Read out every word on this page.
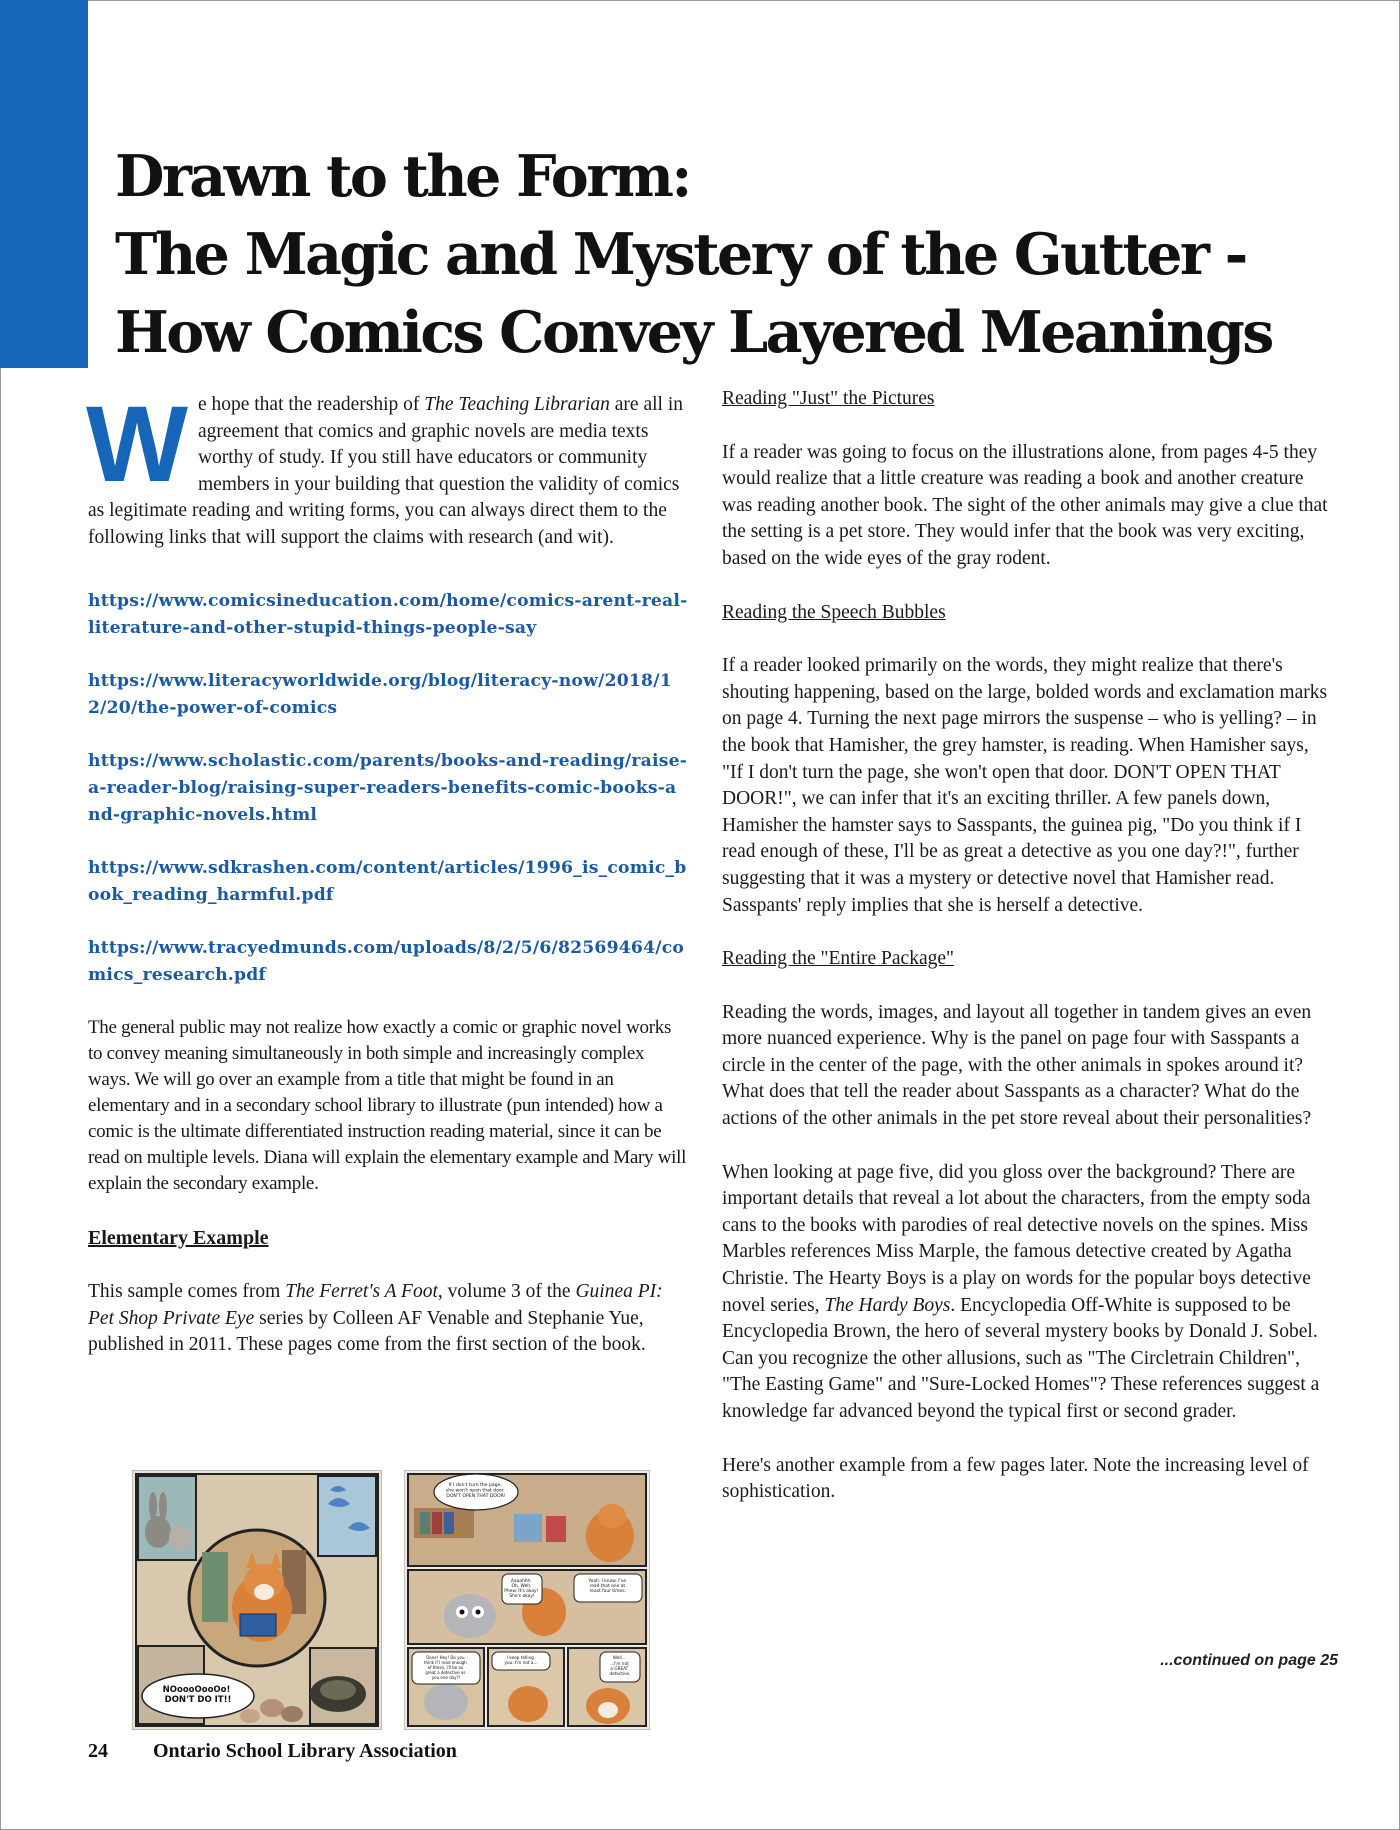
Drawn to the Form:
The Magic and Mystery of the Gutter -
How Comics Convey Layered Meanings

We hope that the readership of The Teaching Librarian are all in agreement that comics and graphic novels are media texts worthy of study. If you still have educators or community members in your building that question the validity of comics as legitimate reading and writing forms, you can always direct them to the following links that will support the claims with research (and wit).

https://www.comicsineducation.com/home/comics-arent-real-literature-and-other-stupid-things-people-say
https://www.literacyworldwide.org/blog/literacy-now/2018/12/20/the-power-of-comics
https://www.scholastic.com/parents/books-and-reading/raise-a-reader-blog/raising-super-readers-benefits-comic-books-and-graphic-novels.html
https://www.sdkrashen.com/content/articles/1996_is_comic_book_reading_harmful.pdf
https://www.tracyedmunds.com/uploads/8/2/5/6/82569464/comics_research.pdf

The general public may not realize how exactly a comic or graphic novel works to convey meaning simultaneously in both simple and increasingly complex ways. We will go over an example from a title that might be found in an elementary and in a secondary school library to illustrate (pun intended) how a comic is the ultimate differentiated instruction reading material, since it can be read on multiple levels. Diana will explain the elementary example and Mary will explain the secondary example.

Elementary Example

This sample comes from The Ferret's A Foot, volume 3 of the Guinea PI: Pet Shop Private Eye series by Colleen AF Venable and Stephanie Yue, published in 2011. These pages come from the first section of the book.

NOoooOooOo! DON'T DO IT!!
If I don't turn the page, she won't open that door. DON'T OPEN THAT DOOR!
Aaaahhh. Oh. Well. Phew. It's okay! She's okay!
Yeah. I know. I've read that one at least four times.
Done! Hey! Do you think if I read enough of these, I'll be as great a detective as you one day?!
I keep telling you. I'm not a...
Well... ...I'm not a GREAT detective.

Reading "Just" the Pictures

If a reader was going to focus on the illustrations alone, from pages 4-5 they would realize that a little creature was reading a book and another creature was reading another book. The sight of the other animals may give a clue that the setting is a pet store. They would infer that the book was very exciting, based on the wide eyes of the gray rodent.

Reading the Speech Bubbles

If a reader looked primarily on the words, they might realize that there's shouting happening, based on the large, bolded words and exclamation marks on page 4. Turning the next page mirrors the suspense – who is yelling? – in the book that Hamisher, the grey hamster, is reading. When Hamisher says, "If I don't turn the page, she won't open that door. DON'T OPEN THAT DOOR!", we can infer that it's an exciting thriller. A few panels down, Hamisher the hamster says to Sasspants, the guinea pig, "Do you think if I read enough of these, I'll be as great a detective as you one day?!", further suggesting that it was a mystery or detective novel that Hamisher read. Sasspants' reply implies that she is herself a detective.

Reading the "Entire Package"

Reading the words, images, and layout all together in tandem gives an even more nuanced experience. Why is the panel on page four with Sasspants a circle in the center of the page, with the other animals in spokes around it? What does that tell the reader about Sasspants as a character? What do the actions of the other animals in the pet store reveal about their personalities?

When looking at page five, did you gloss over the background? There are important details that reveal a lot about the characters, from the empty soda cans to the books with parodies of real detective novels on the spines. Miss Marbles references Miss Marple, the famous detective created by Agatha Christie. The Hearty Boys is a play on words for the popular boys detective novel series, The Hardy Boys. Encyclopedia Off-White is supposed to be Encyclopedia Brown, the hero of several mystery books by Donald J. Sobel. Can you recognize the other allusions, such as "The Circletrain Children", "The Easting Game" and "Sure-Locked Homes"? These references suggest a knowledge far advanced beyond the typical first or second grader.

Here's another example from a few pages later. Note the increasing level of sophistication.

...continued on page 25
24 Ontario School Library Association
